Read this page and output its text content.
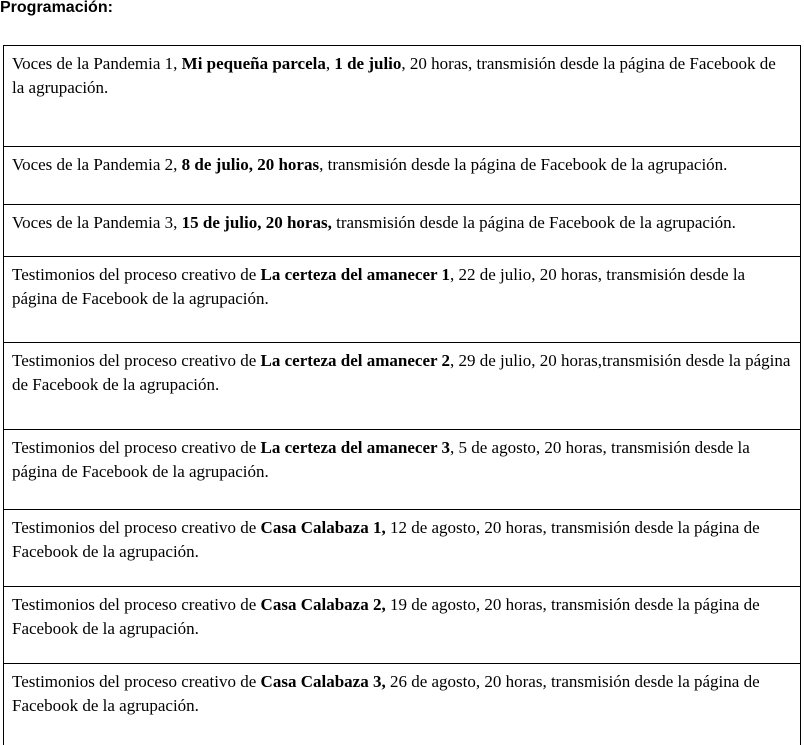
Programación:
Voces de la Pandemia 1, Mi pequeña parcela, 1 de julio, 20 horas, transmisión desde la página de Facebook de la agrupación.
Voces de la Pandemia 2, 8 de julio, 20 horas, transmisión desde la página de Facebook de la agrupación.
Voces de la Pandemia 3, 15 de julio, 20 horas, transmisión desde la página de Facebook de la agrupación.
Testimonios del proceso creativo de La certeza del amanecer 1, 22 de julio, 20 horas, transmisión desde la página de Facebook de la agrupación.
Testimonios del proceso creativo de La certeza del amanecer 2, 29 de julio, 20 horas,transmisión desde la página de Facebook de la agrupación.
Testimonios del proceso creativo de La certeza del amanecer 3, 5 de agosto, 20 horas, transmisión desde la página de Facebook de la agrupación.
Testimonios del proceso creativo de Casa Calabaza 1, 12 de agosto, 20 horas, transmisión desde la página de Facebook de la agrupación.
Testimonios del proceso creativo de Casa Calabaza 2, 19 de agosto, 20 horas, transmisión desde la página de Facebook de la agrupación.
Testimonios del proceso creativo de Casa Calabaza 3, 26 de agosto, 20 horas, transmisión desde la página de Facebook de la agrupación.
